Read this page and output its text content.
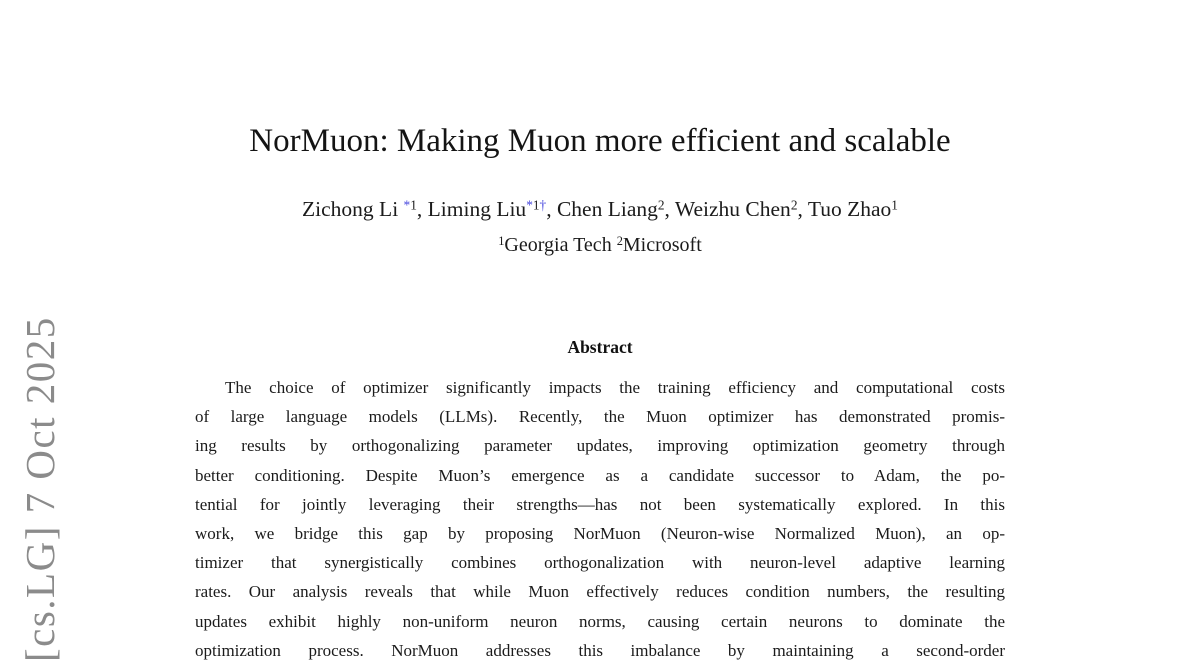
[cs.LG] 7 Oct 2025
NorMuon: Making Muon more efficient and scalable
Zichong Li $^{*1}$, Liming Liu$^{*1\dagger}$, Chen Liang$^2$, Weizhu Chen$^2$, Tuo Zhao$^1$
$^1$Georgia Tech $^2$Microsoft
Abstract
The choice of optimizer significantly impacts the training efficiency and computational costs
of large language models (LLMs). Recently, the Muon optimizer has demonstrated promis-
ing results by orthogonalizing parameter updates, improving optimization geometry through
better conditioning. Despite Muon’s emergence as a candidate successor to Adam, the po-
tential for jointly leveraging their strengths—has not been systematically explored. In this
work, we bridge this gap by proposing NorMuon (Neuron-wise Normalized Muon), an op-
timizer that synergistically combines orthogonalization with neuron-level adaptive learning
rates. Our analysis reveals that while Muon effectively reduces condition numbers, the resulting
updates exhibit highly non-uniform neuron norms, causing certain neurons to dominate the
optimization process. NorMuon addresses this imbalance by maintaining a second-order
